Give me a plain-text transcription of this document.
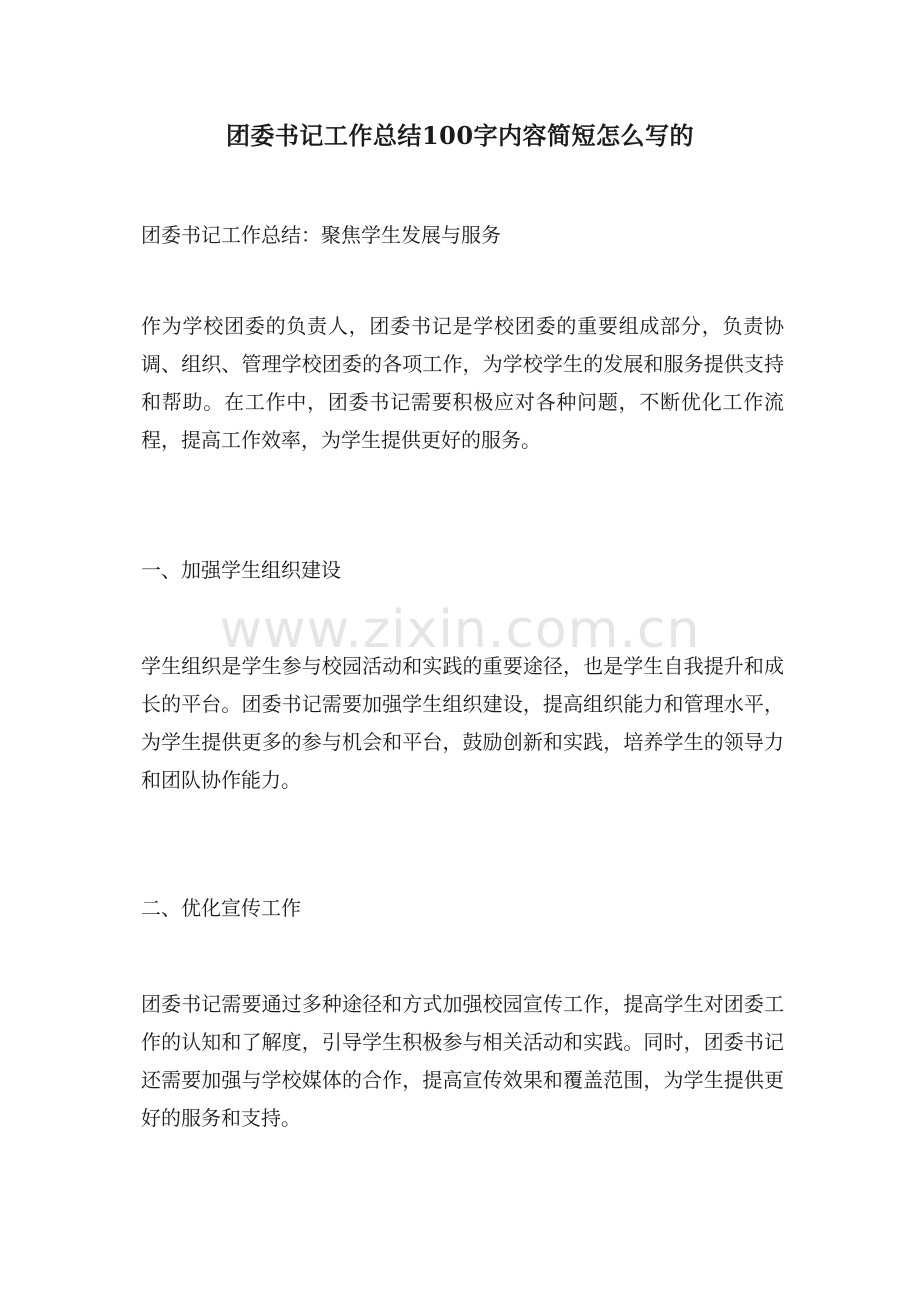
团委书记工作总结100字内容简短怎么写的
团委书记工作总结：聚焦学生发展与服务
作为学校团委的负责人，团委书记是学校团委的重要组成部分，负责协调、组织、管理学校团委的各项工作，为学校学生的发展和服务提供支持和帮助。在工作中，团委书记需要积极应对各种问题，不断优化工作流程，提高工作效率，为学生提供更好的服务。
一、加强学生组织建设
学生组织是学生参与校园活动和实践的重要途径，也是学生自我提升和成长的平台。团委书记需要加强学生组织建设，提高组织能力和管理水平，为学生提供更多的参与机会和平台，鼓励创新和实践，培养学生的领导力和团队协作能力。
二、优化宣传工作
团委书记需要通过多种途径和方式加强校园宣传工作，提高学生对团委工作的认知和了解度，引导学生积极参与相关活动和实践。同时，团委书记还需要加强与学校媒体的合作，提高宣传效果和覆盖范围，为学生提供更好的服务和支持。
www.zixin.com.cn
